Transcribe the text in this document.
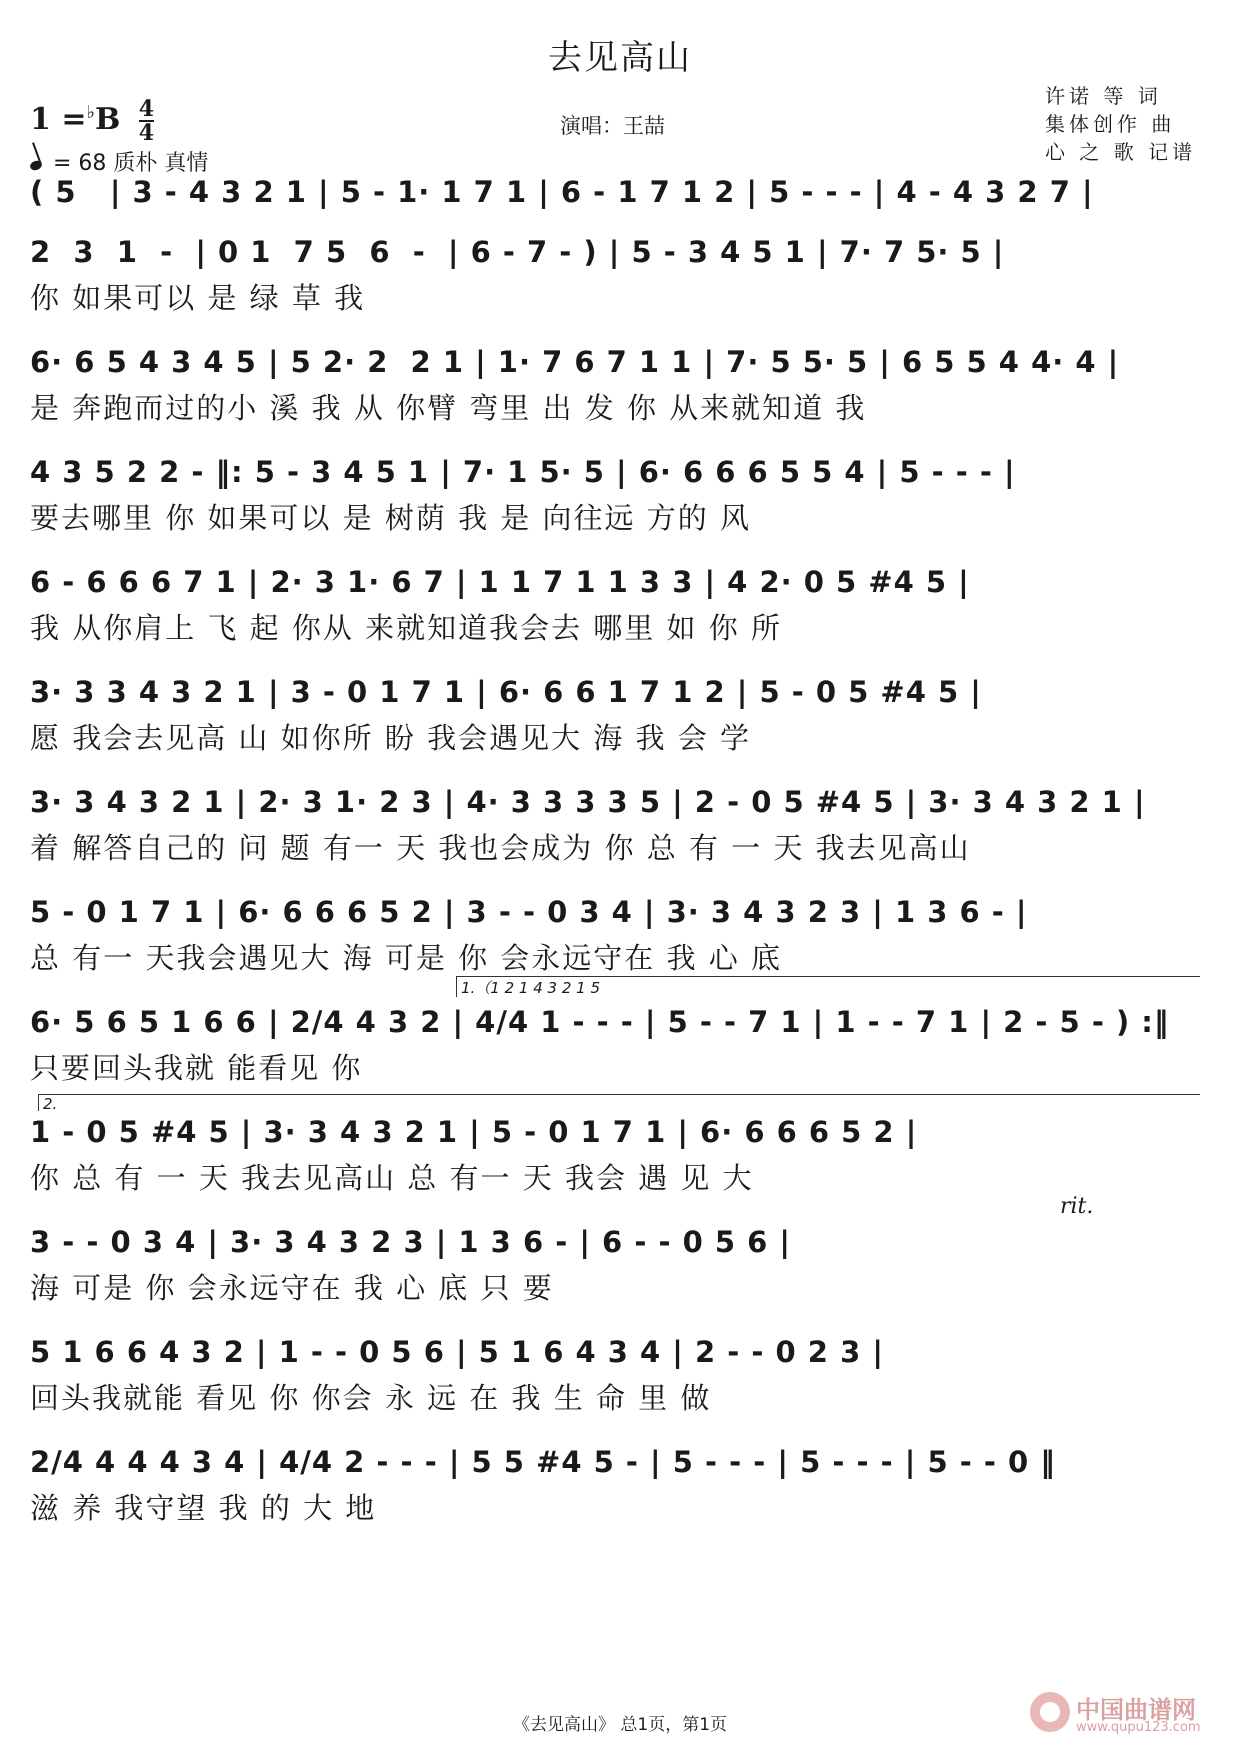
去见高山
$1 =^♭B \frac{4}{4}$
= 68 质朴 真情
演唱：王喆
许诺 等 词
集体创作 曲
心 之 歌 记谱
( 5   | 3 - 4 3 2 1 | 5 - 1· 1 7 1 | 6 - 1 7 1 2 | 5 - - - | 4 - 4 3 2 7 |
2  3  1  -  | 0 1  7 5  6  -  | 6 - 7 - ) | 5 - 3 4 5 1 | 7· 7 5· 5 |
你 如果可以 是 绿 草 我
6· 6 5 4 3 4 5 | 5 2· 2  2 1 | 1· 7 6 7 1 1 | 7· 5 5· 5 | 6 5 5 4 4· 4 |
是 奔跑而过的小 溪 我 从 你臂 弯里 出 发 你 从来就知道 我
4 3 5 2 2 - ‖: 5 - 3 4 5 1 | 7· 1 5· 5 | 6· 6 6 6 5 5 4 | 5 - - - |
要去哪里 你 如果可以 是 树荫 我 是 向往远 方的 风
6 - 6 6 6 7 1 | 2· 3 1· 6 7 | 1 1 7 1 1 3 3 | 4 2· 0 5 #4 5 |
我 从你肩上 飞 起 你从 来就知道我会去 哪里 如 你 所
3· 3 3 4 3 2 1 | 3 - 0 1 7 1 | 6· 6 6 1 7 1 2 | 5 - 0 5 #4 5 |
愿 我会去见高 山 如你所 盼 我会遇见大 海 我 会 学
3· 3 4 3 2 1 | 2· 3 1· 2 3 | 4· 3 3 3 3 5 | 2 - 0 5 #4 5 | 3· 3 4 3 2 1 |
着 解答自己的 问 题 有一 天 我也会成为 你 总 有 一 天 我去见高山
5 - 0 1 7 1 | 6· 6 6 6 5 2 | 3 - - 0 3 4 | 3· 3 4 3 2 3 | 1 3 6 - |
总 有一 天我会遇见大 海 可是 你 会永远守在 我 心 底
6· 5 6 5 1 6 6 | 2/4 4 3 2 | 4/4 1 - - - | 5 - - 7 1 | 1 - - 7 1 | 2 - 5 - ) :‖
只要回头我就 能看见 你
1.（1 2 1 4 3 2 1 5
1 - 0 5 #4 5 | 3· 3 4 3 2 1 | 5 - 0 1 7 1 | 6· 6 6 6 5 2 |
你 总 有 一 天 我去见高山 总 有一 天 我会 遇 见 大
2.
3 - - 0 3 4 | 3· 3 4 3 2 3 | 1 3 6 - | 6 - - 0 5 6 |
海 可是 你 会永远守在 我 心 底 只 要
rit.
5 1 6 6 4 3 2 | 1 - - 0 5 6 | 5 1 6 4 3 4 | 2 - - 0 2 3 |
回头我就能 看见 你 你会 永 远 在 我 生 命 里 做
2/4 4 4 4 3 4 | 4/4 2 - - - | 5 5 #4 5 - | 5 - - - | 5 - - - | 5 - - 0 ‖
滋 养 我守望 我 的 大 地
《去见高山》 总1页，第1页
中国曲谱网
www.qupu123.com
